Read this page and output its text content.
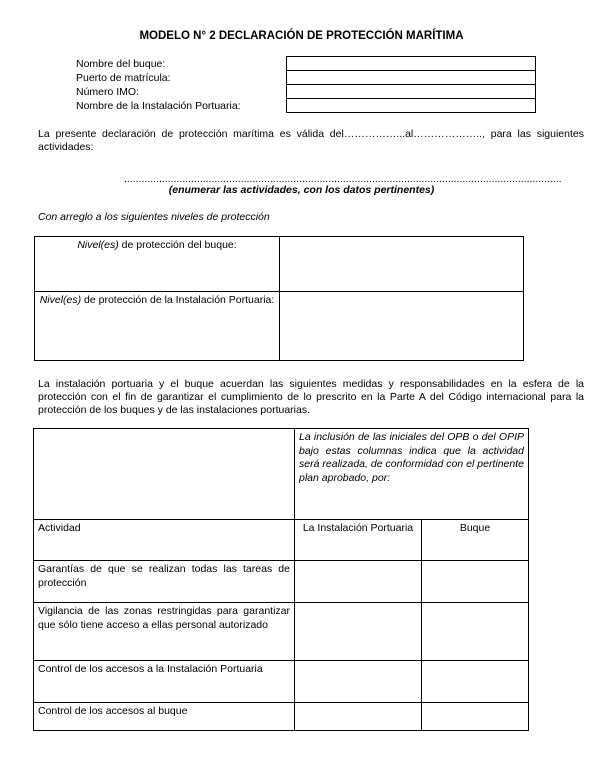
MODELO N° 2 DECLARACIÓN DE PROTECCIÓN MARÍTIMA
Nombre del buque:
Puerto de matrícula:
Número IMO:
Nombre de la Instalación Portuaria:
La presente declaración de protección marítima es válida del……………...al……………….., para las siguientes actividades:
......................................................................................................................................................
(enumerar las actividades, con los datos pertinentes)
Con arreglo a los siguientes niveles de protección
Nivel(es) de protección del buque:	
Nivel(es) de protección de la Instalación Portuaria:	
La instalación portuaria y el buque acuerdan las siguientes medidas y responsabilidades en la esfera de la protección con el fin de garantizar el cumplimiento de lo prescrito en la Parte A del Código internacional para la protección de los buques y de las instalaciones portuarias.
	La inclusión de las iniciales del OPB o del OPIP bajo estas columnas indica que la actividad será realizada, de conformidad con el pertinente plan aprobado, por:	
Actividad	La Instalación Portuaria	Buque
Garantías de que se realizan todas las tareas de protección		
Vigilancia de las zonas restringidas para garantizar que sólo tiene acceso a ellas personal autorizado		
Control de los accesos a la Instalación Portuaria		
Control de los accesos al buque		
